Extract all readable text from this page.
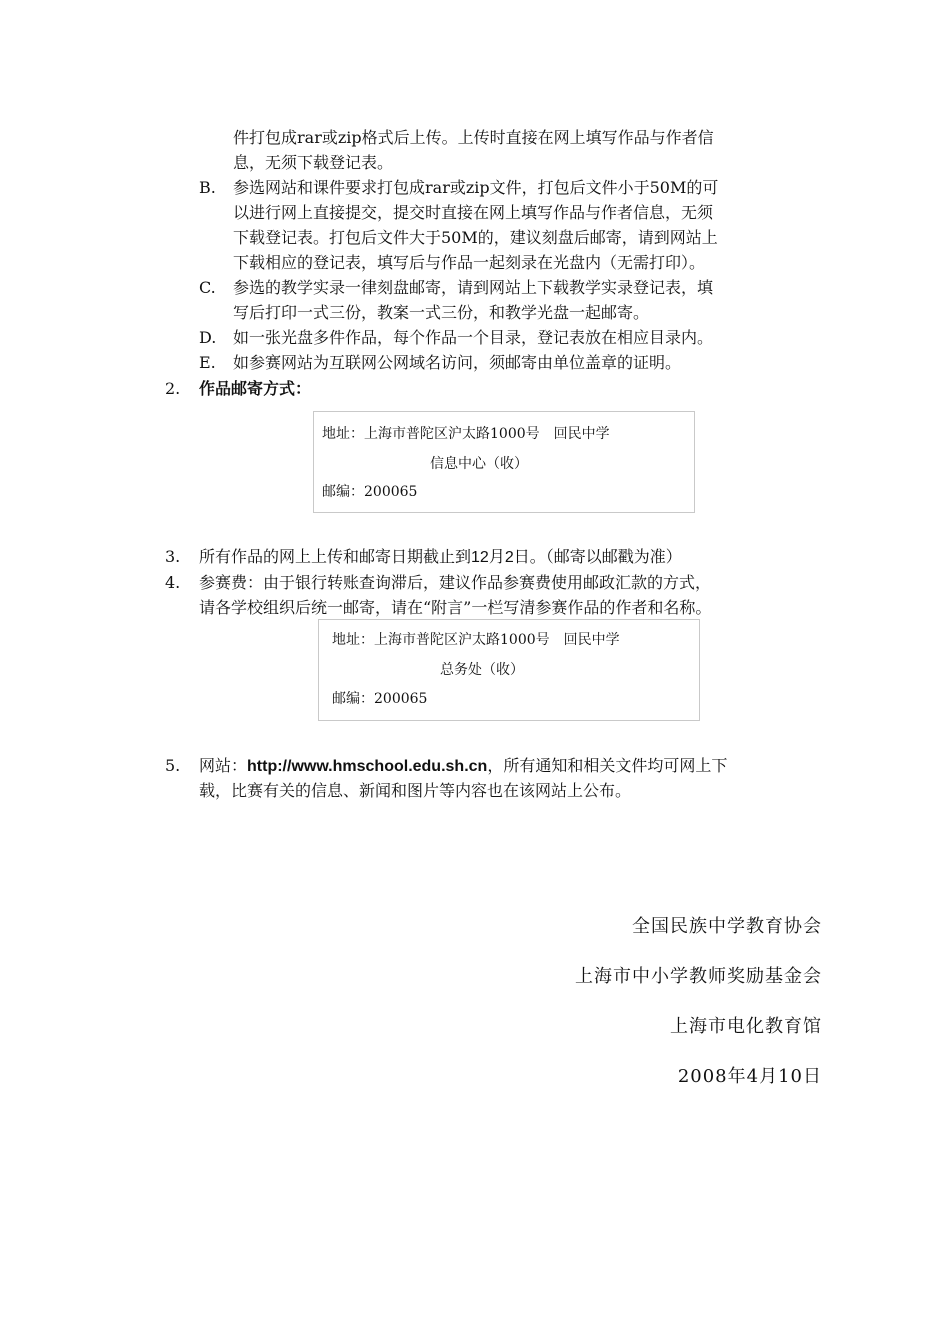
件打包成rar或zip格式后上传。上传时直接在网上填写作品与作者信
息，无须下载登记表。
B.	参选网站和课件要求打包成rar或zip文件，打包后文件小于50M的可
以进行网上直接提交，提交时直接在网上填写作品与作者信息，无须
下载登记表。打包后文件大于50M的，建议刻盘后邮寄，请到网站上
下载相应的登记表，填写后与作品一起刻录在光盘内（无需打印）。
C.	参选的教学实录一律刻盘邮寄，请到网站上下载教学实录登记表，填
写后打印一式三份，教案一式三份，和教学光盘一起邮寄。
D.	如一张光盘多件作品，每个作品一个目录，登记表放在相应目录内。
E.	如参赛网站为互联网公网域名访问，须邮寄由单位盖章的证明。
2.	作品邮寄方式：
地址：上海市普陀区沪太路1000号　回民中学
信息中心（收）
邮编：200065
3.	所有作品的网上上传和邮寄日期截止到12月2日。（邮寄以邮戳为准）
4.	参赛费：由于银行转账查询滞后，建议作品参赛费使用邮政汇款的方式，
请各学校组织后统一邮寄，请在“附言”一栏写清参赛作品的作者和名称。
地址：上海市普陀区沪太路1000号　回民中学
总务处（收）
邮编：200065
5.	网站：http://www.hmschool.edu.sh.cn，所有通知和相关文件均可网上下
载，比赛有关的信息、新闻和图片等内容也在该网站上公布。
全国民族中学教育协会
上海市中小学教师奖励基金会
上海市电化教育馆
2008年4月10日
